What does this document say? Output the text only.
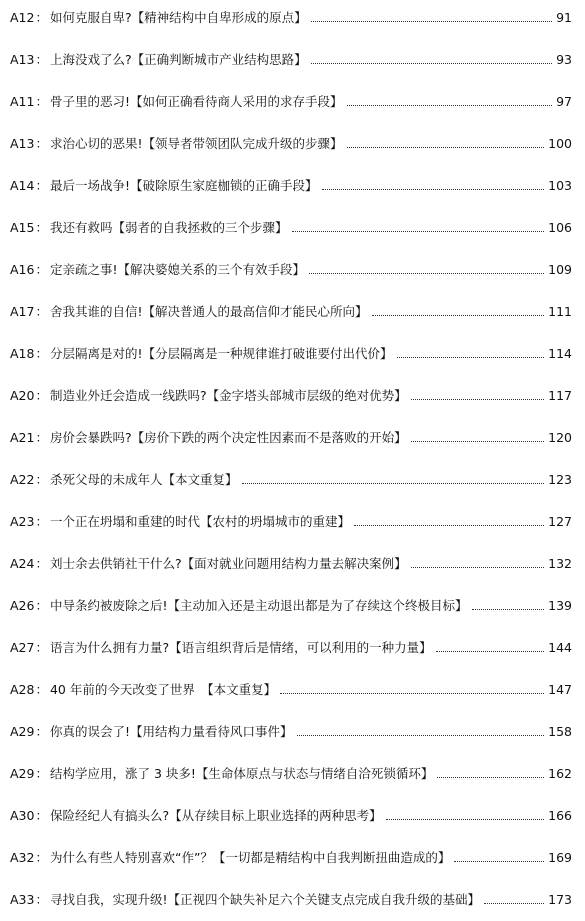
A12 ： 如何克服自卑?【精神结构中自卑形成的原点】	91
A13 ： 上海没戏了么?【正确判断城市产业结构思路】	93
A11 ： 骨子里的恶习!【如何正确看待商人采用的求存手段】	97
A13 ： 求治心切的恶果!【领导者带领团队完成升级的步骤】	100
A14 ： 最后一场战争!【破除原生家庭枷锁的正确手段】	103
A15 ： 我还有救吗【弱者的自我拯救的三个步骤】	106
A16 ： 定亲疏之事!【解决婆媳关系的三个有效手段】	109
A17 ： 舍我其谁的自信!【解决普通人的最高信仰才能民心所向】	111
A18 ： 分层隔离是对的!【分层隔离是一种规律谁打破谁要付出代价】	114
A20 ： 制造业外迁会造成一线跌吗?【金字塔头部城市层级的绝对优势】	117
A21 ： 房价会暴跌吗?【房价下跌的两个决定性因素而不是落败的开始】	120
A22 ： 杀死父母的未成年人【本文重复】	123
A23 ： 一个正在坍塌和重建的时代【农村的坍塌城市的重建】	127
A24 ： 刘士余去供销社干什么?【面对就业问题用结构力量去解决案例】	132
A26 ： 中导条约被废除之后!【主动加入还是主动退出都是为了存续这个终极目标】	139
A27 ： 语言为什么拥有力量?【语言组织背后是情绪，可以利用的一种力量】	144
A28 ： 40 年前的今天改变了世界　【本文重复】	147
A29 ： 你真的误会了!【用结构力量看待风口事件】	158
A29 ： 结构学应用，涨了 3 块多!【生命体原点与状态与情绪自洽死锁循环】	162
A30 ： 保险经纪人有搞头么?【从存续目标上职业选择的两种思考】	166
A32 ： 为什么有些人特别喜欢“作”？【一切都是精结构中自我判断扭曲造成的】	169
A33 ： 寻找自我，实现升级!【正视四个缺失补足六个关键支点完成自我升级的基础】	173
